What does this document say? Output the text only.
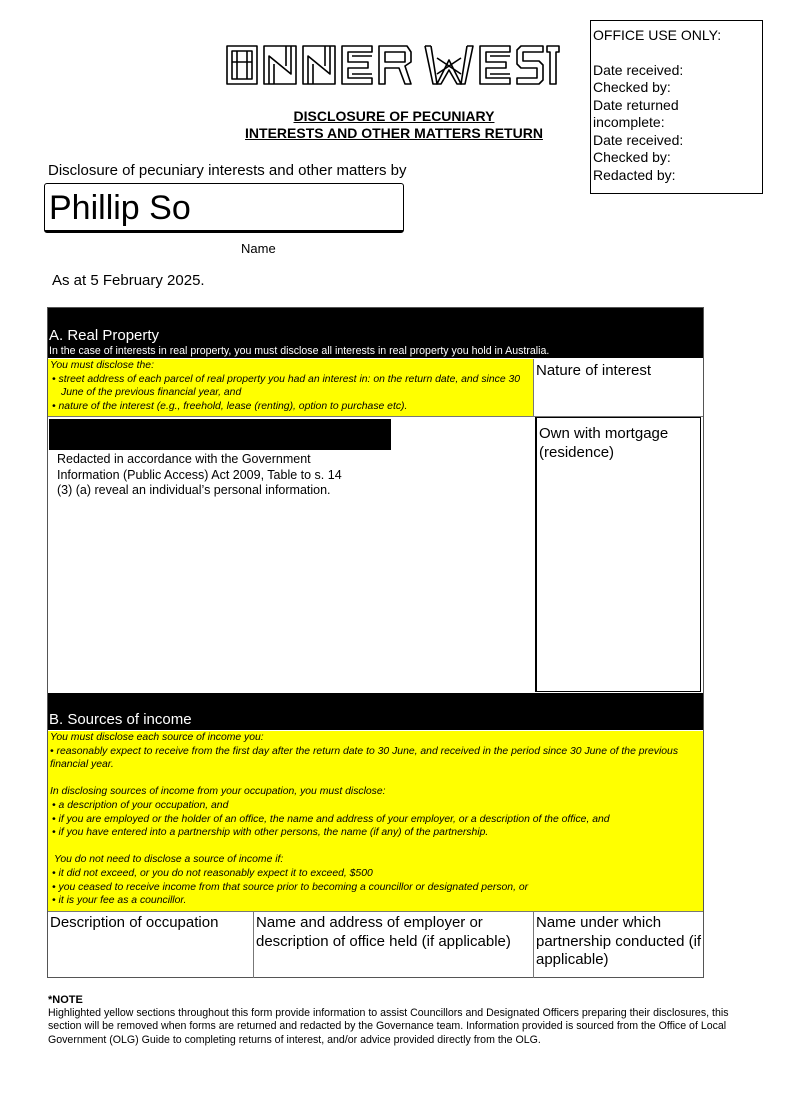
INNER WEST
DISCLOSURE OF PECUNIARY
INTERESTS AND OTHER MATTERS RETURN
OFFICE USE ONLY:
Date received:
Checked by:
Date returned
incomplete:
Date received:
Checked by:
Redacted by:
Disclosure of pecuniary interests and other matters by
Phillip So
Name
As at 5 February 2025.
A. Real Property
In the case of interests in real property, you must disclose all interests in real property you hold in Australia.
You must disclose the:
• street address of each parcel of real property you had an interest in: on the return date, and since 30 June of the previous financial year, and
• nature of the interest (e.g., freehold, lease (renting), option to purchase etc).
Nature of interest
Redacted in accordance with the Government Information (Public Access) Act 2009, Table to s. 14 (3) (a) reveal an individual’s personal information.
Own with mortgage (residence)
B. Sources of income
You must disclose each source of income you:
• reasonably expect to receive from the first day after the return date to 30 June, and received in the period since 30 June of the previous financial year.
In disclosing sources of income from your occupation, you must disclose:
• a description of your occupation, and
• if you are employed or the holder of an office, the name and address of your employer, or a description of the office, and
• if you have entered into a partnership with other persons, the name (if any) of the partnership.
You do not need to disclose a source of income if:
• it did not exceed, or you do not reasonably expect it to exceed, $500
• you ceased to receive income from that source prior to becoming a councillor or designated person, or
• it is your fee as a councillor.
Description of occupation	Name and address of employer or description of office held (if applicable)
Name under which partnership conducted (if applicable)
*NOTE
Highlighted yellow sections throughout this form provide information to assist Councillors and Designated Officers preparing their disclosures, this section will be removed when forms are returned and redacted by the Governance team. Information provided is sourced from the Office of Local Government (OLG) Guide to completing returns of interest, and/or advice provided directly from the OLG.
